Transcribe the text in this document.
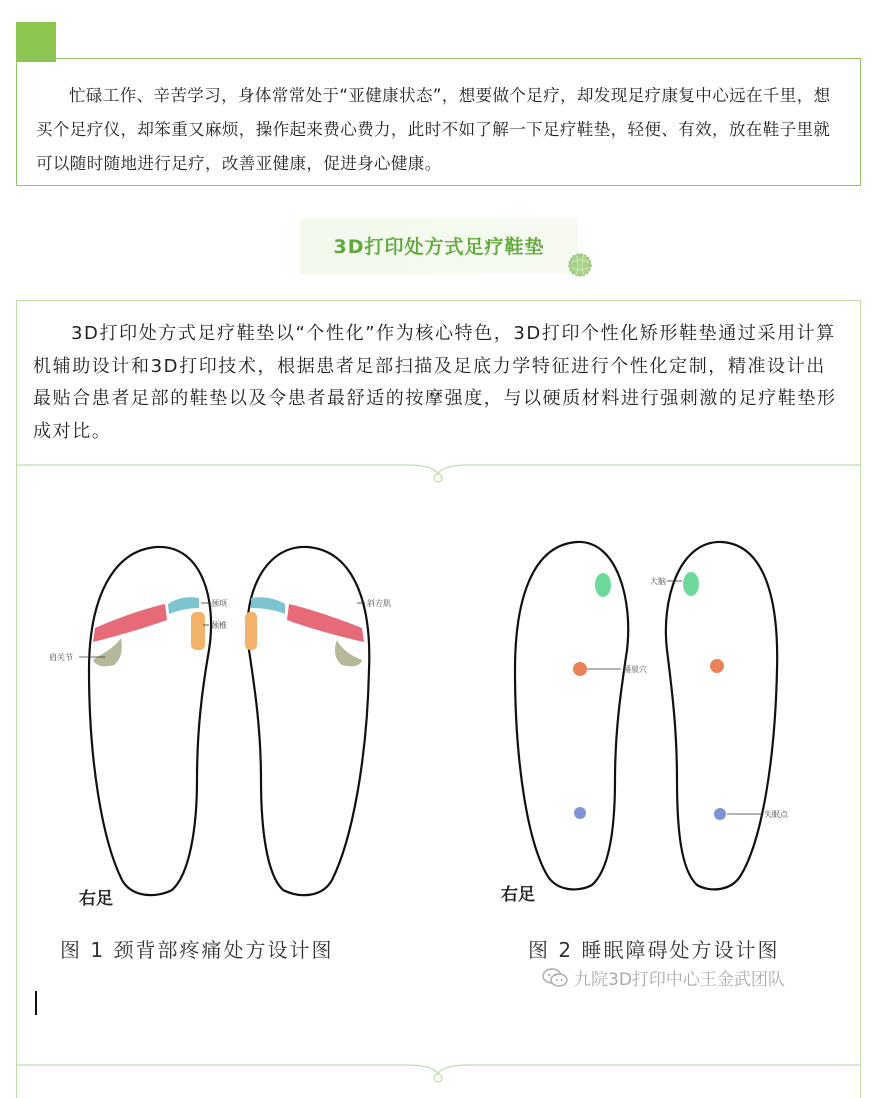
忙碌工作、辛苦学习，身体常常处于“亚健康状态”，想要做个足疗，却发现足疗康复中心远在千里，想买个足疗仪，却笨重又麻烦，操作起来费心费力，此时不如了解一下足疗鞋垫，轻便、有效，放在鞋子里就可以随时随地进行足疗，改善亚健康，促进身心健康。

3D打印处方式足疗鞋垫

3D打印处方式足疗鞋垫以“个性化”作为核心特色，3D打印个性化矫形鞋垫通过采用计算机辅助设计和3D打印技术，根据患者足部扫描及足底力学特征进行个性化定制，精准设计出最贴合患者足部的鞋垫以及令患者最舒适的按摩强度，与以硬质材料进行强刺激的足疗鞋垫形成对比。

颈项
颈椎
肩关节
斜方肌
涌泉穴
大脑
失眠点
右足	右足
图 1 颈背部疼痛处方设计图	图 2 睡眠障碍处方设计图
九院3D打印中心王金武团队
